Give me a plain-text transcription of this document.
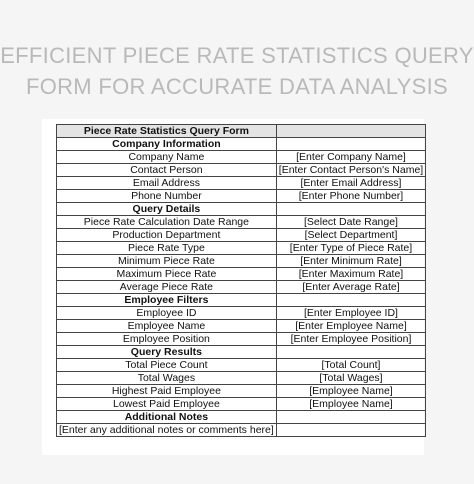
EFFICIENT PIECE RATE STATISTICS QUERY FORM FOR ACCURATE DATA ANALYSIS
Piece Rate Statistics Query Form	
Company Information	
Company Name	[Enter Company Name]
Contact Person	[Enter Contact Person's Name]
Email Address	[Enter Email Address]
Phone Number	[Enter Phone Number]
Query Details	
Piece Rate Calculation Date Range	[Select Date Range]
Production Department	[Select Department]
Piece Rate Type	[Enter Type of Piece Rate]
Minimum Piece Rate	[Enter Minimum Rate]
Maximum Piece Rate	[Enter Maximum Rate]
Average Piece Rate	[Enter Average Rate]
Employee Filters	
Employee ID	[Enter Employee ID]
Employee Name	[Enter Employee Name]
Employee Position	[Enter Employee Position]
Query Results	
Total Piece Count	[Total Count]
Total Wages	[Total Wages]
Highest Paid Employee	[Employee Name]
Lowest Paid Employee	[Employee Name]
Additional Notes	
[Enter any additional notes or comments here]	
